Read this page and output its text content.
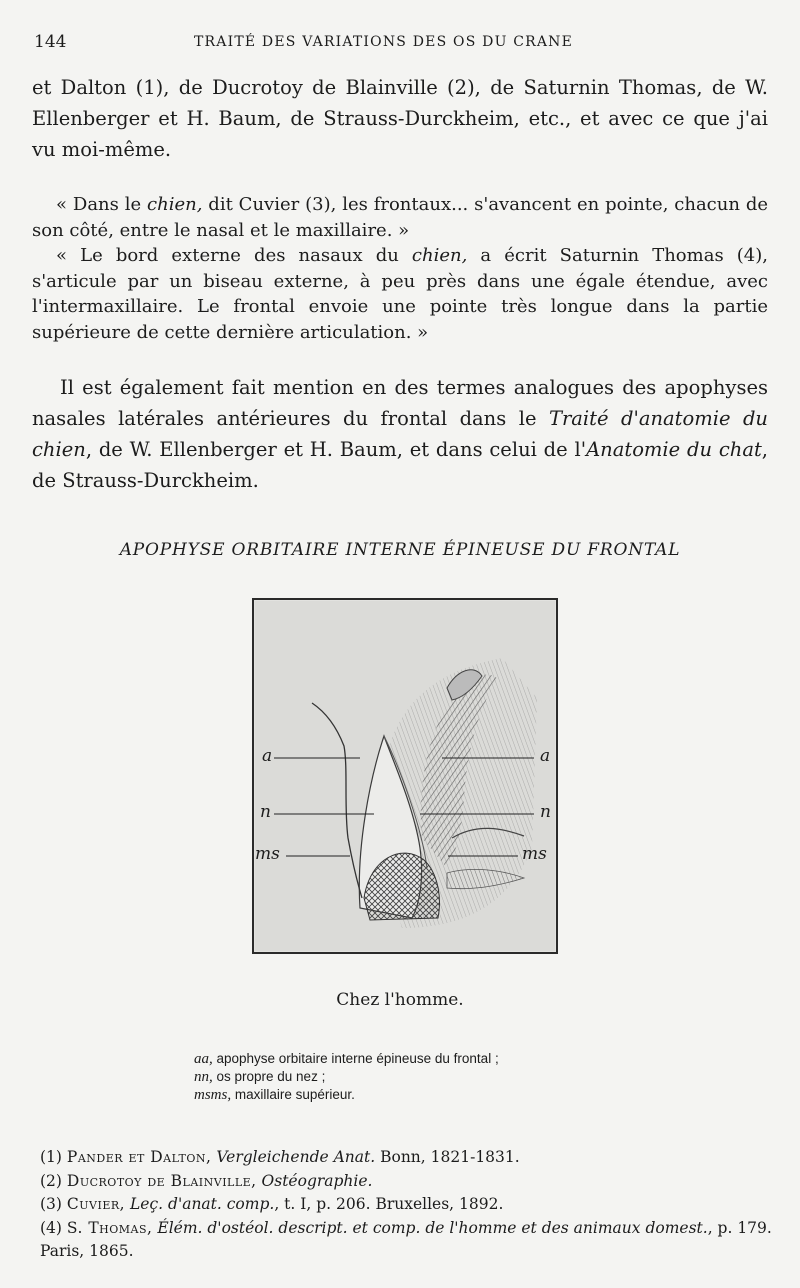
144	TRAITÉ DES VARIATIONS DES OS DU CRANE

et Dalton (1), de Ducrotoy de Blainville (2), de Saturnin Thomas, de W. Ellenberger et H. Baum, de Strauss-Durckheim, etc., et avec ce que j'ai vu moi-même.

« Dans le chien, dit Cuvier (3), les frontaux... s'avancent en pointe, chacun de son côté, entre le nasal et le maxillaire. »

« Le bord externe des nasaux du chien, a écrit Saturnin Thomas (4), s'articule par un biseau externe, à peu près dans une égale étendue, avec l'intermaxillaire. Le frontal envoie une pointe très longue dans la partie supérieure de cette dernière articulation. »

Il est également fait mention en des termes analogues des apophyses nasales latérales antérieures du frontal dans le Traité d'anatomie du chien, de W. Ellenberger et H. Baum, et dans celui de l'Anatomie du chat, de Strauss-Durckheim.

APOPHYSE ORBITAIRE INTERNE ÉPINEUSE DU FRONTAL
a	a
n	n
ms	ms
Chez l'homme.
aa, apophyse orbitaire interne épineuse du frontal ;
nn, os propre du nez ;
msms, maxillaire supérieur.

(1) Pander et Dalton, Vergleichende Anat. Bonn, 1821-1831.

(2) Ducrotoy de Blainville, Ostéographie.

(3) Cuvier, Leç. d'anat. comp., t. I, p. 206. Bruxelles, 1892.

(4) S. Thomas, Élém. d'ostéol. descript. et comp. de l'homme et des animaux domest., p. 179. Paris, 1865.
